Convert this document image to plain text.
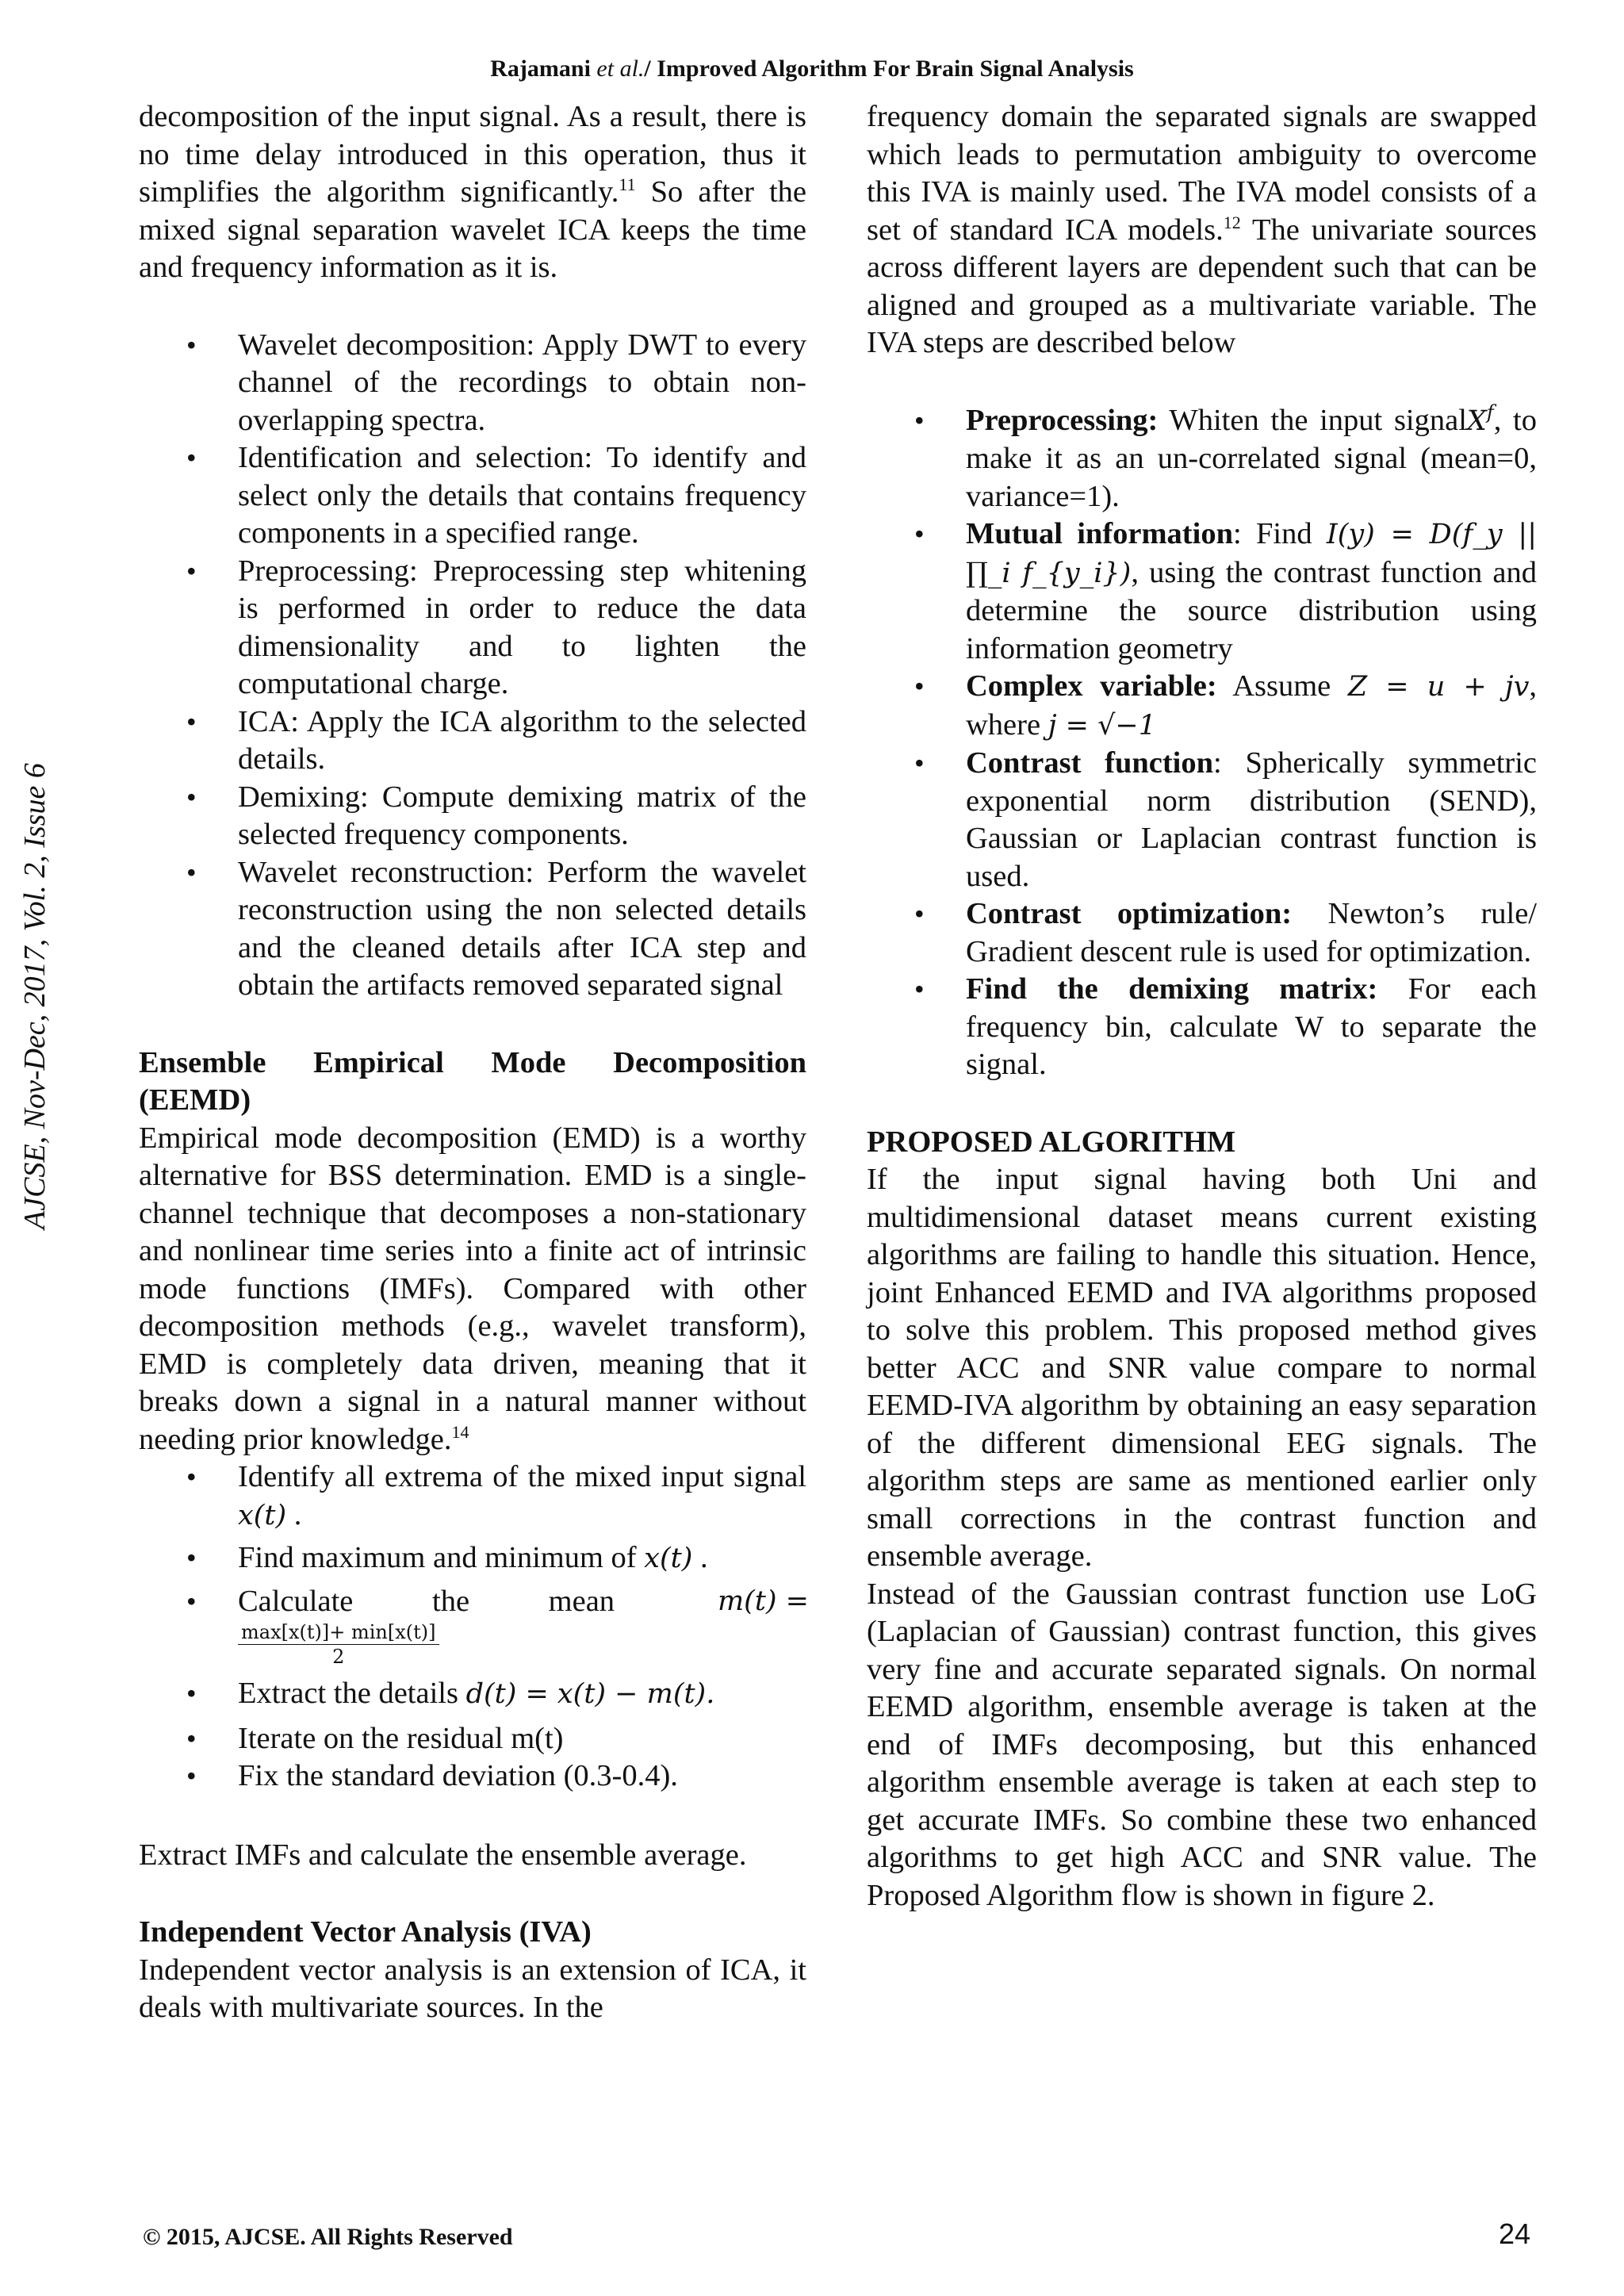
Rajamani et al./ Improved Algorithm For Brain Signal Analysis
AJCSE, Nov-Dec, 2017, Vol. 2, Issue 6

decomposition of the input signal. As a result, there is no time delay introduced in this operation, thus it simplifies the algorithm significantly.$^{11}$ So after the mixed signal separation wavelet ICA keeps the time and frequency information as it is.

• Wavelet decomposition: Apply DWT to every channel of the recordings to obtain non-overlapping spectra.
• Identification and selection: To identify and select only the details that contains frequency components in a specified range.
• Preprocessing: Preprocessing step whitening is performed in order to reduce the data dimensionality and to lighten the computational charge.
• ICA: Apply the ICA algorithm to the selected details.
• Demixing: Compute demixing matrix of the selected frequency components.
• Wavelet reconstruction: Perform the wavelet reconstruction using the non selected details and the cleaned details after ICA step and obtain the artifacts removed separated signal

Ensemble Empirical Mode Decomposition (EEMD)

Empirical mode decomposition (EMD) is a worthy alternative for BSS determination. EMD is a single-channel technique that decomposes a non-stationary and nonlinear time series into a finite act of intrinsic mode functions (IMFs). Compared with other decomposition methods (e.g., wavelet transform), EMD is completely data driven, meaning that it breaks down a signal in a natural manner without needing prior knowledge.$^{14}$

• Identify all extrema of the mixed input signal x(t) .
• Find maximum and minimum of x(t) .
• Calculate the mean	m(t) =
$\frac{\max[x(t)]+ \min[x(t)]}{2}$
• Extract the details d(t) = x(t) − m(t).
• Iterate on the residual m(t)
• Fix the standard deviation (0.3-0.4).

Extract IMFs and calculate the ensemble average.

Independent Vector Analysis (IVA)

Independent vector analysis is an extension of ICA, it deals with multivariate sources. In the

frequency domain the separated signals are swapped which leads to permutation ambiguity to overcome this IVA is mainly used. The IVA model consists of a set of standard ICA models.$^{12}$ The univariate sources across different layers are dependent such that can be aligned and grouped as a multivariate variable. The IVA steps are described below

• Preprocessing: Whiten the input signalX$^f$, to make it as an un-correlated signal (mean=0, variance=1).
• Mutual information: Find I(y) = D(f_y || ∏_i f_{y_i}), using the contrast function and determine the source distribution using information geometry
• Complex variable: Assume Z = u + jv, where j = √−1
• Contrast function: Spherically symmetric exponential norm distribution (SEND), Gaussian or Laplacian contrast function is used.
• Contrast optimization: Newton’s rule/ Gradient descent rule is used for optimization.
• Find the demixing matrix: For each frequency bin, calculate W to separate the signal.

PROPOSED ALGORITHM

If the input signal having both Uni and multidimensional dataset means current existing algorithms are failing to handle this situation. Hence, joint Enhanced EEMD and IVA algorithms proposed to solve this problem. This proposed method gives better ACC and SNR value compare to normal EEMD-IVA algorithm by obtaining an easy separation of the different dimensional EEG signals. The algorithm steps are same as mentioned earlier only small corrections in the contrast function and ensemble average.

Instead of the Gaussian contrast function use LoG (Laplacian of Gaussian) contrast function, this gives very fine and accurate separated signals. On normal EEMD algorithm, ensemble average is taken at the end of IMFs decomposing, but this enhanced algorithm ensemble average is taken at each step to get accurate IMFs. So combine these two enhanced algorithms to get high ACC and SNR value. The Proposed Algorithm flow is shown in figure 2.

© 2015, AJCSE. All Rights Reserved	24
